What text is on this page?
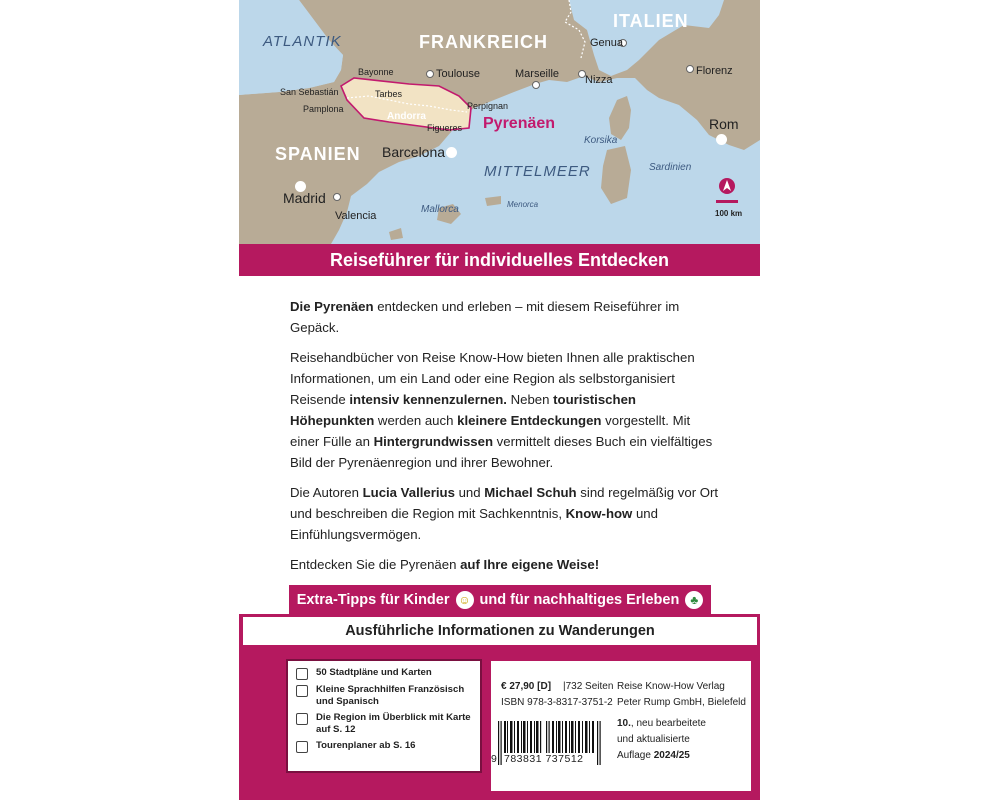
FRANKREICH
ITALIEN
SPANIEN
ATLANTIK
MITTELMEER
Korsika
Sardinien
Mallorca	Menorca
Genua
Florenz
Rom
Nizza
Marseille
Toulouse
Bayonne
San Sebastián
Pamplona
Tarbes
Perpignan
Figueres
Andorra	Pyrenäen
Barcelona
Madrid
Valencia	100 km
Reiseführer für individuelles Entdecken

Die Pyrenäen entdecken und erleben – mit diesem Reiseführer im Gepäck.

Reisehandbücher von Reise Know-How bieten Ihnen alle praktischen Informationen, um ein Land oder eine Region als selbstorganisiert Reisende intensiv kennenzulernen. Neben touristischen Höhepunkten werden auch kleinere Entdeckungen vorgestellt. Mit einer Fülle an Hintergrundwissen vermittelt dieses Buch ein vielfältiges Bild der Pyrenäenregion und ihrer Bewohner.

Die Autoren Lucia Vallerius und Michael Schuh sind regelmäßig vor Ort und beschreiben die Region mit Sachkenntnis, Know-how und Einfühlungsvermögen.

Entdecken Sie die Pyrenäen auf Ihre eigene Weise!

Extra-Tipps für Kinder ☺ und für nachhaltiges Erleben ♣
Ausführliche Informationen zu Wanderungen
50 Stadtpläne und Karten
Kleine Sprachhilfen Französisch und Spanisch
Die Region im Überblick mit Karte auf S. 12
Tourenplaner ab S. 16
€ 27,90 [D] |732 Seiten
ISBN 978-3-8317-3751-2
Reise Know-How Verlag
Peter Rump GmbH, Bielefeld
10., neu bearbeitete
und aktualisierte
Auflage 2024/25
9 783831 737512
